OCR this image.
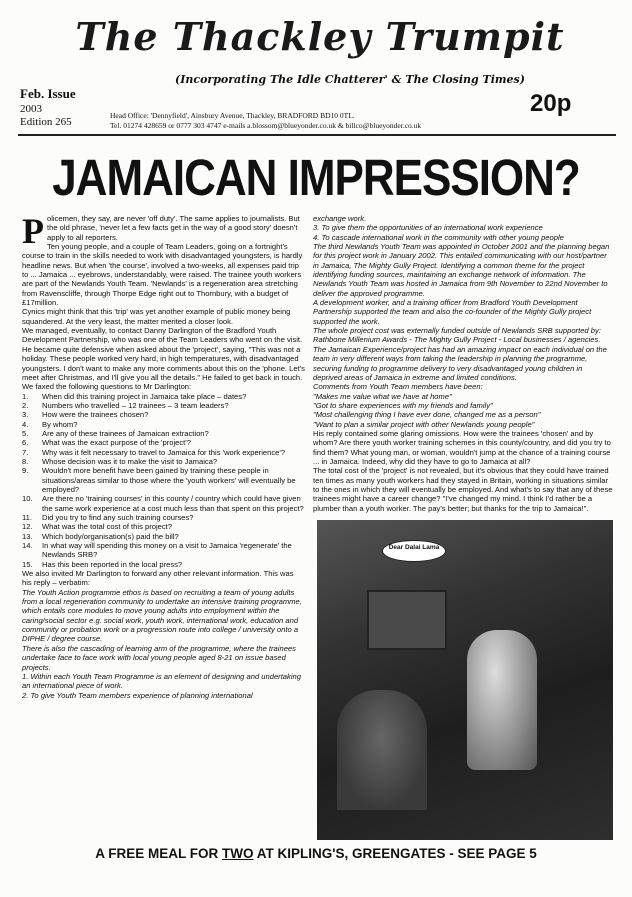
The Thackley Trumpit
(Incorporating The Idle Chatterer' & The Closing Times)
Feb. Issue
2003
Edition 265
Head Office: 'Dennyfield', Ainsbury Avenue, Thackley, BRADFORD BD10 0TL.
Tel. 01274 428659 or 0777 303 4747 e-mails a.blossom@blueyonder.co.uk & billco@blueyonder.co.uk
20p
JAMAICAN IMPRESSION?

Policemen, they say, are never 'off duty'. The same applies to journalists. But the old phrase, 'never let a few facts get in the way of a good story' doesn't apply to all reporters.

Ten young people, and a couple of Team Leaders, going on a fortnight's course to train in the skills needed to work with disadvantaged youngsters, is hardly headline news. But when 'the course', involved a two-weeks, all expenses paid trip to ... Jamaica ... eyebrows, understandably, were raised. The trainee youth workers are part of the Newlands Youth Team. 'Newlands' is a regeneration area stretching from Ravenscliffe, through Thorpe Edge right out to Thornbury, with a budget of £17million.

Cynics might think that this 'trip' was yet another example of public money being squandered. At the very least, the matter merited a closer look.

We managed, eventually, to contact Danny Darlington of the Bradford Youth Development Partnership, who was one of the Team Leaders who went on the visit. He became quite defensive when asked about the 'project', saying, "This was not a holiday. These people worked very hard, in high temperatures, with disadvantaged youngsters. I don't want to make any more comments about this on the 'phone. Let's meet after Christmas, and I'll give you all the details." He failed to get back in touch.

We faxed the following questions to Mr Darlington:

1. When did this training project in Jamaica take place – dates?
2. Numbers who travelled – 12 trainees – 3 team leaders?
3. How were the trainees chosen?
4. By whom?
5. Are any of these trainees of Jamaican extraction?
6. What was the exact purpose of the 'project'?
7. Why was it felt necessary to travel to Jamaica for this 'work experience'?
8. Whose decision was it to make the visit to Jamaica?
9. Wouldn't more benefit have been gained by training these people in situations/areas similar to those where the 'youth workers' will eventually be employed?
10. Are there no 'training courses' in this county / country which could have given the same work experience at a cost much less than that spent on this project?
11. Did you try to find any such training courses?
12. What was the total cost of this project?
13. Which body/organisation(s) paid the bill?
14. In what way will spending this money on a visit to Jamaica 'regenerate' the Newlands SRB?
15. Has this been reported in the local press?

We also invited Mr Darlington to forward any other relevant information. This was his reply – verbatim:

The Youth Action programme ethos is based on recruiting a team of young adults from a local regeneration community to undertake an intensive training programme, which entails core modules to move young adults into employment within the caring/social sector e.g. social work, youth work, international work, education and community or probation work or a progression route into college / university onto a DIPHE / degree course.

There is also the cascading of learning arm of the programme, where the trainees undertake face to face work with local young people aged 8-21 on issue based projects.

1. Within each Youth Team Programme is an element of designing and undertaking an international piece of work.

2. To give Youth Team members experience of planning international

exchange work.

3. To give them the opportunities of an international work experience

4. To cascade international work in the community with other young people

The third Newlands Youth Team was appointed in October 2001 and the planning began for this project work in January 2002. This entailed communicating with our host/partner in Jamaica, The Mighty Gully Project. Identifying a common theme for the project identifying funding sources, maintaining an exchange network of information. The Newlands Youth Team was hosted in Jamaica from 9th November to 22nd November to deliver the approved programme.

A development worker, and a training officer from Bradford Youth Development Partnership supported the team and also the co-founder of the Mighty Gully project supported the work.

The whole project cost was externally funded outside of Newlands SRB supported by: Rathbone Millenium Awards - The Mighty Gully Project - Local businesses / agencies.

The Jamaican Experience/project has had an amazing impact on each individual on the team in very different ways from taking the leadership in planning the programme, securing funding to programme delivery to very disadvantaged young children in deprived areas of Jamaica in extreme and limited conditions.

Comments from Youth Team members have been:

"Makes me value what we have at home"

"Got to share experiences with my friends and family"

"Most challenging thing I have ever done, changed me as a person"

"Want to plan a similar project with other Newlands young people"

His reply contained some glaring omissions. How were the trainees 'chosen' and by whom? Are there youth worker training schemes in this county/country, and did you try to find them? What young man, or woman, wouldn't jump at the chance of a training course ... in Jamaica. Indeed, why did they have to go to Jamaica at all?

The total cost of the 'project' is not revealed, but it's obvious that they could have trained ten times as many youth workers had they stayed in Britain, working in situations similar to the ones in which they will eventually be employed. And what's to say that any of these trainees might have a career change? "I've changed my mind. I think I'd rather be a plumber than a youth worker. The pay's better; but thanks for the trip to Jamaica!".

Dear Dalai Lama
A FREE MEAL FOR TWO AT KIPLING'S, GREENGATES - SEE PAGE 5
